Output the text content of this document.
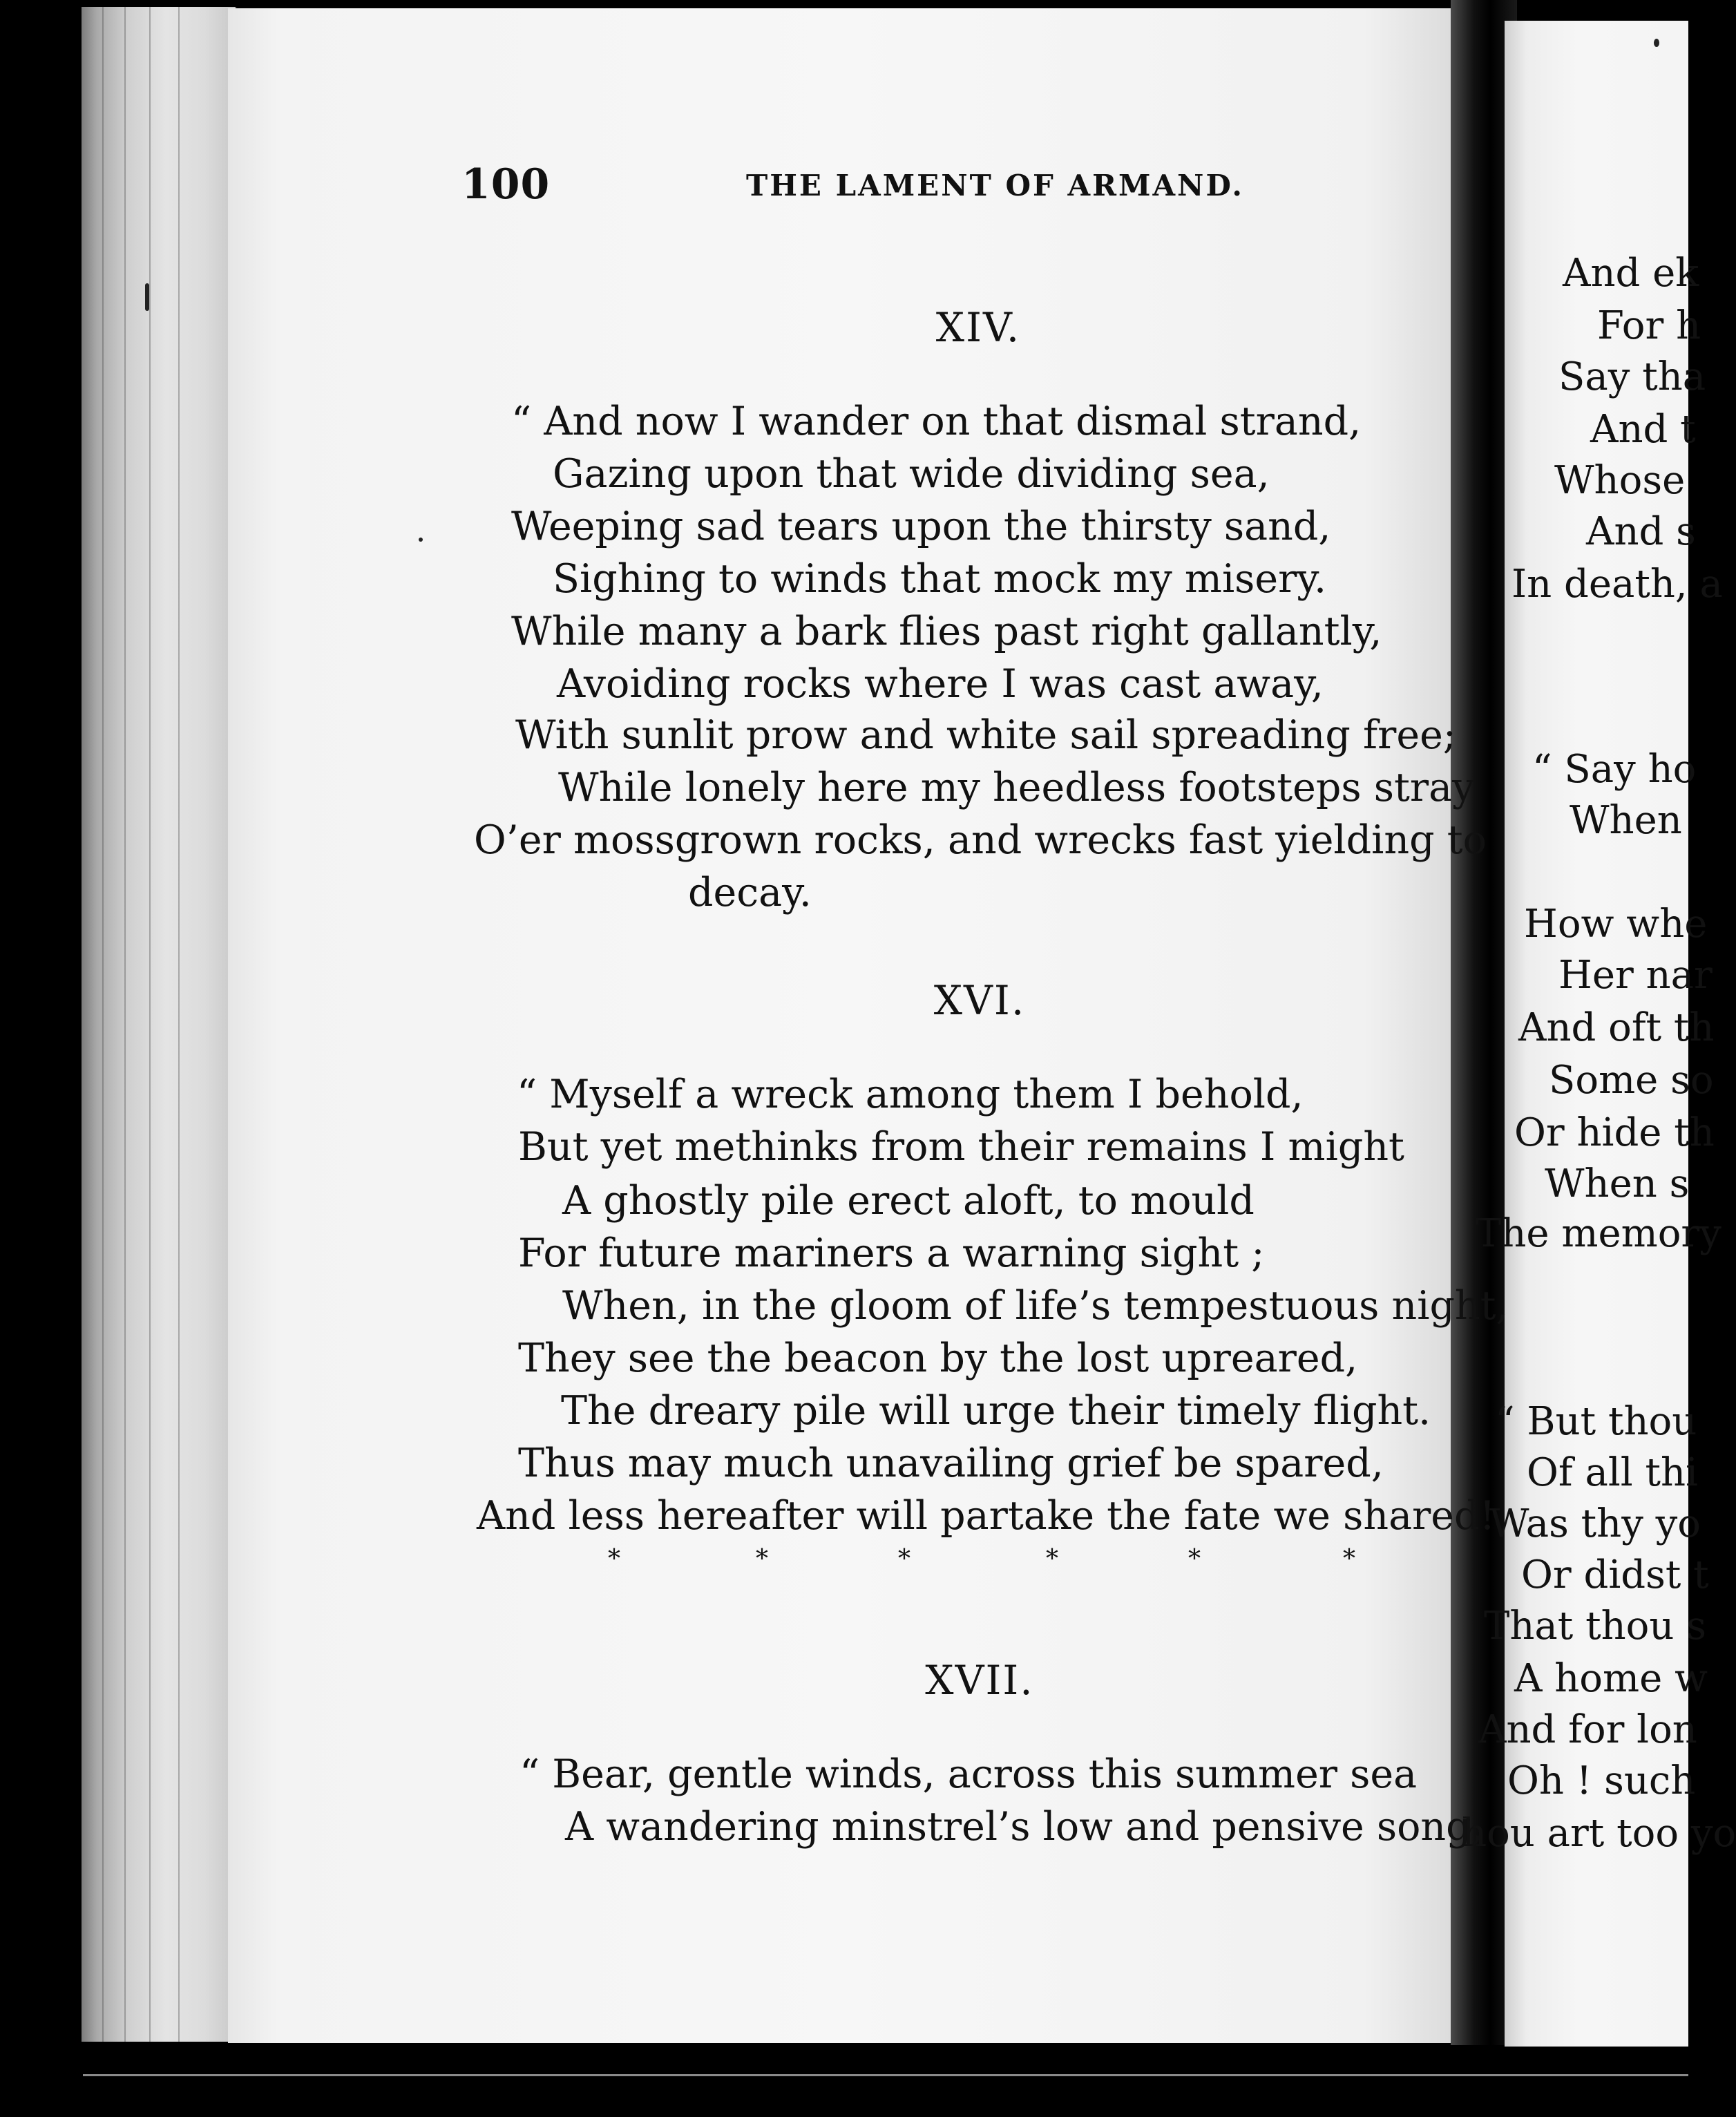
100	THE LAMENT OF ARMAND.
XIV.
“ And now I wander on that dismal strand,
Gazing upon that wide dividing sea,
Weeping sad tears upon the thirsty sand,
Sighing to winds that mock my misery.
While many a bark flies past right gallantly,
Avoiding rocks where I was cast away,
With sunlit prow and white sail spreading free;
While lonely here my heedless footsteps stray
O’er mossgrown rocks, and wrecks fast yielding to
decay.
XVI.
“ Myself a wreck among them I behold,
But yet methinks from their remains I might
A ghostly pile erect aloft, to mould
For future mariners a warning sight ;
When, in the gloom of life’s tempestuous night,
They see the beacon by the lost upreared,
The dreary pile will urge their timely flight.
Thus may much unavailing grief be spared,
And less hereafter will partake the fate we shared!
*	*	*	*	*	*
XVII.
“ Bear, gentle winds, across this summer sea
A wandering minstrel’s low and pensive song,
And ek
For h
Say tha
And t
Whose
And s
In death, a
“ Say ho
When
How whe
Her nar
And oft th
Some so
Or hide th
When s
The memory
“ But thou
Of all thi
Was thy yo
Or didst t
That thou s
A home w
And for lon
Oh ! such
hou art too yo
